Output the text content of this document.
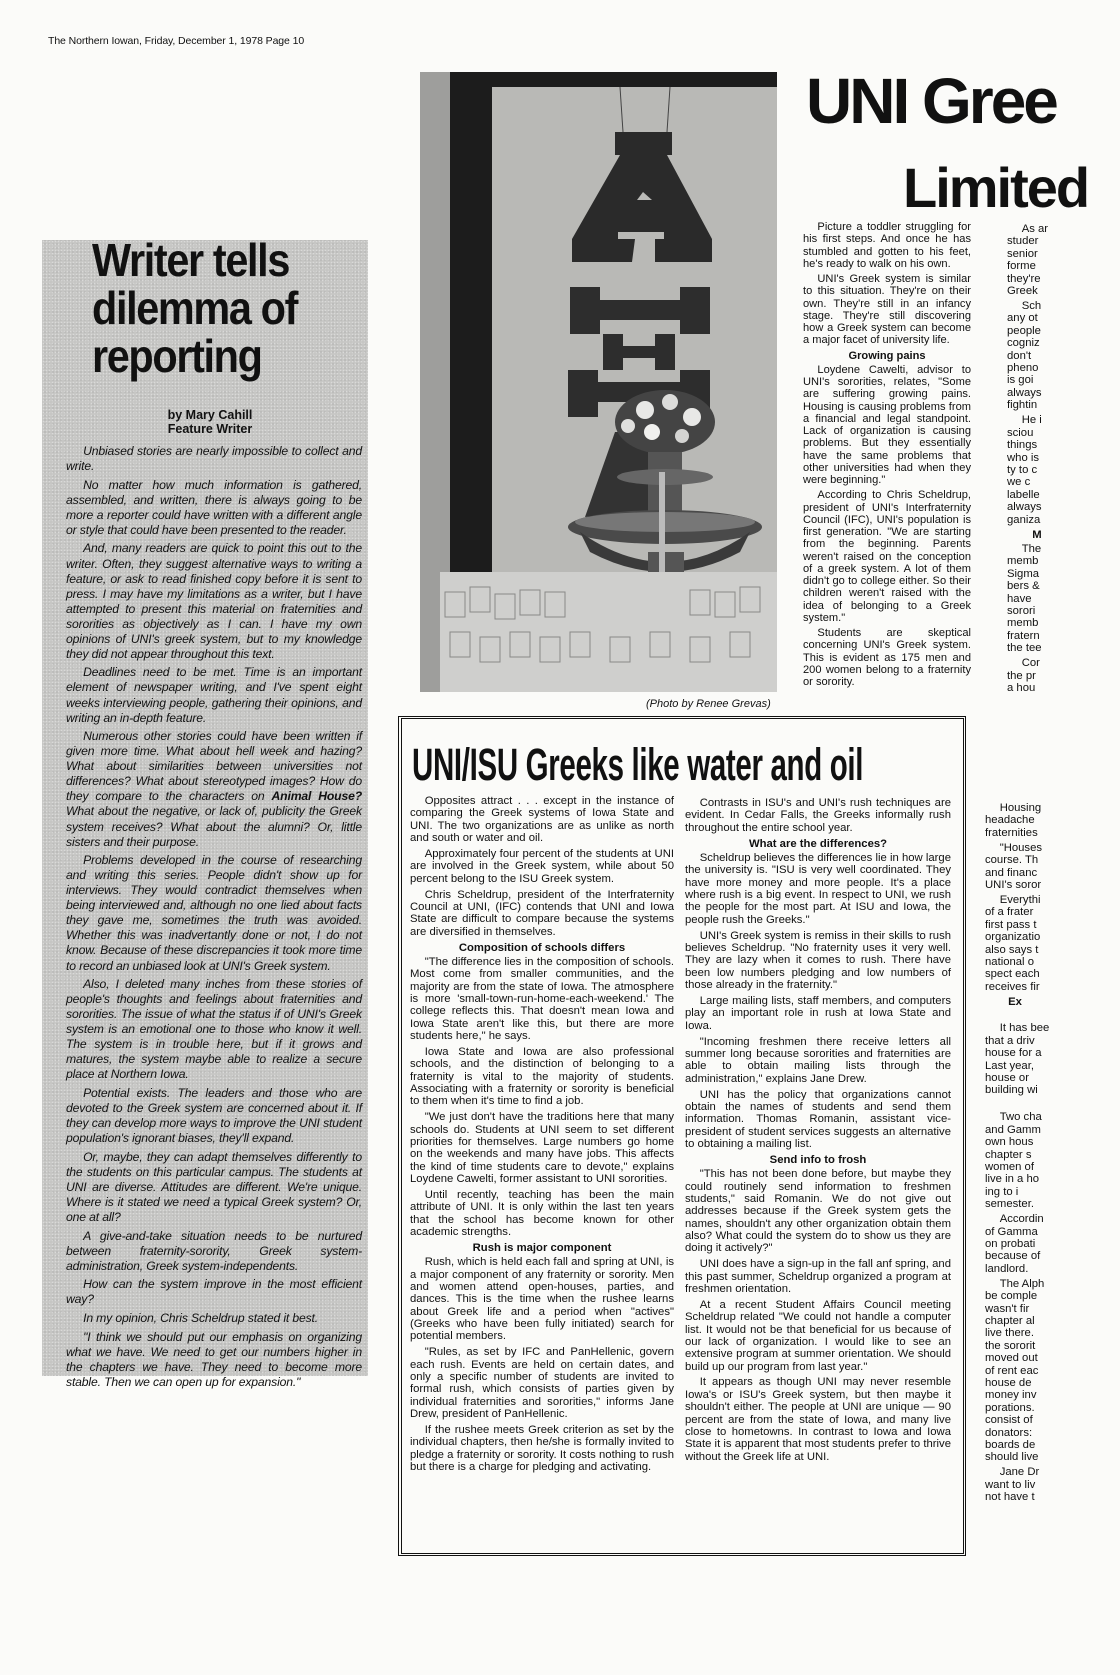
The Northern Iowan, Friday, December 1, 1978 Page 10
Writer tells
dilemma of
reporting
by Mary Cahill
Feature Writer

Unbiased stories are nearly impossible to collect and write.

No matter how much information is gathered, assembled, and written, there is always going to be more a reporter could have written with a different angle or style that could have been presented to the reader.

And, many readers are quick to point this out to the writer. Often, they suggest alternative ways to writing a feature, or ask to read finished copy before it is sent to press. I may have my limitations as a writer, but I have attempted to present this material on fraternities and sororities as objectively as I can. I have my own opinions of UNI's greek system, but to my knowledge they did not appear throughout this text.

Deadlines need to be met. Time is an important element of newspaper writing, and I've spent eight weeks interviewing people, gathering their opinions, and writing an in-depth feature.

Numerous other stories could have been written if given more time. What about hell week and hazing? What about similarities between universities not differences? What about stereotyped images? How do they compare to the characters on Animal House? What about the negative, or lack of, publicity the Greek system receives? What about the alumni? Or, little sisters and their purpose.

Problems developed in the course of researching and writing this series. People didn't show up for interviews. They would contradict themselves when being interviewed and, although no one lied about facts they gave me, sometimes the truth was avoided. Whether this was inadvertantly done or not, I do not know. Because of these discrepancies it took more time to record an unbiased look at UNI's Greek system.

Also, I deleted many inches from these stories of people's thoughts and feelings about fraternities and sororities. The issue of what the status if of UNI's Greek system is an emotional one to those who know it well. The system is in trouble here, but if it grows and matures, the system maybe able to realize a secure place at Northern Iowa.

Potential exists. The leaders and those who are devoted to the Greek system are concerned about it. If they can develop more ways to improve the UNI student population's ignorant biases, they'll expand.

Or, maybe, they can adapt themselves differently to the students on this particular campus. The students at UNI are diverse. Attitudes are different. We're unique. Where is it stated we need a typical Greek system? Or, one at all?

A give-and-take situation needs to be nurtured between fraternity-sorority, Greek system-administration, Greek system-independents.

How can the system improve in the most efficient way?

In my opinion, Chris Scheldrup stated it best.

"I think we should put our emphasis on organizing what we have. We need to get our numbers higher in the chapters we have. They need to become more stable. Then we can open up for expansion."

(Photo by Renee Grevas)
UNI Gree
Limited

Picture a toddler struggling for his first steps. And once he has stumbled and gotten to his feet, he's ready to walk on his own.

UNI's Greek system is similar to this situation. They're on their own. They're still in an infancy stage. They're still discovering how a Greek system can become a major facet of university life.

Growing pains

Loydene Cawelti, advisor to UNI's sororities, relates, "Some are suffering growing pains. Housing is causing problems from a financial and legal standpoint. Lack of organization is causing problems. But they essentially have the same problems that other universities had when they were beginning."

According to Chris Scheldrup, president of UNI's Interfraternity Council (IFC), UNI's population is first generation. "We are starting from the beginning. Parents weren't raised on the conception of a greek system. A lot of them didn't go to college either. So their children weren't raised with the idea of belonging to a Greek system."

Students are skeptical concerning UNI's Greek system. This is evident as 175 men and 200 women belong to a fraternity or sorority.

As ar
studer
senior
forme
they're
Greek
Sch
any ot
people
cogniz
don't
pheno
is goi
always
fightin
He i
sciou
things
who is
ty to c
we c
labelle
always
ganiza
M
The
memb
Sigma
bers &
have
sorori
memb
fratern
the tee
Cor
the pr
a hou
UNI/ISU Greeks like water and oil

Opposites attract . . . except in the instance of comparing the Greek systems of Iowa State and UNI. The two organizations are as unlike as north and south or water and oil.

Approximately four percent of the students at UNI are involved in the Greek system, while about 50 percent belong to the ISU Greek system.

Chris Scheldrup, president of the Interfraternity Council at UNI, (IFC) contends that UNI and Iowa State are difficult to compare because the systems are diversified in themselves.

Composition of schools differs

"The difference lies in the composition of schools. Most come from smaller communities, and the majority are from the state of Iowa. The atmosphere is more 'small-town-run-home-each-weekend.' The college reflects this. That doesn't mean Iowa and Iowa State aren't like this, but there are more students here," he says.

Iowa State and Iowa are also professional schools, and the distinction of belonging to a fraternity is vital to the majority of students. Associating with a fraternity or sorority is beneficial to them when it's time to find a job.

"We just don't have the traditions here that many schools do. Students at UNI seem to set different priorities for themselves. Large numbers go home on the weekends and many have jobs. This affects the kind of time students care to devote," explains Loydene Cawelti, former assistant to UNI sororities.

Until recently, teaching has been the main attribute of UNI. It is only within the last ten years that the school has become known for other academic strengths.

Rush is major component

Rush, which is held each fall and spring at UNI, is a major component of any fraternity or sorority. Men and women attend open-houses, parties, and dances. This is the time when the rushee learns about Greek life and a period when "actives" (Greeks who have been fully initiated) search for potential members.

"Rules, as set by IFC and PanHellenic, govern each rush. Events are held on certain dates, and only a specific number of students are invited to formal rush, which consists of parties given by individual fraternities and sororities," informs Jane Drew, president of PanHellenic.

If the rushee meets Greek criterion as set by the individual chapters, then he/she is formally invited to pledge a fraternity or sorority. It costs nothing to rush but there is a charge for pledging and activating.

Contrasts in ISU's and UNI's rush techniques are evident. In Cedar Falls, the Greeks informally rush throughout the entire school year.

What are the differences?

Scheldrup believes the differences lie in how large the university is. "ISU is very well coordinated. They have more money and more people. It's a place where rush is a big event. In respect to UNI, we rush the people for the most part. At ISU and Iowa, the people rush the Greeks."

UNI's Greek system is remiss in their skills to rush believes Scheldrup. "No fraternity uses it very well. They are lazy when it comes to rush. There have been low numbers pledging and low numbers of those already in the fraternity."

Large mailing lists, staff members, and computers play an important role in rush at Iowa State and Iowa.

"Incoming freshmen there receive letters all summer long because sororities and fraternities are able to obtain mailing lists through the administration," explains Jane Drew.

UNI has the policy that organizations cannot obtain the names of students and send them information. Thomas Romanin, assistant vice-president of student services suggests an alternative to obtaining a mailing list.

Send info to frosh

"This has not been done before, but maybe they could routinely send information to freshmen students," said Romanin. We do not give out addresses because if the Greek system gets the names, shouldn't any other organization obtain them also? What could the system do to show us they are doing it actively?"

UNI does have a sign-up in the fall anf spring, and this past summer, Scheldrup organized a program at freshmen orientation.

At a recent Student Affairs Council meeting Scheldrup related "We could not handle a computer list. It would not be that beneficial for us because of our lack of organization. I would like to see an extensive program at summer orientation. We should build up our program from last year."

It appears as though UNI may never resemble Iowa's or ISU's Greek system, but then maybe it shouldn't either. The people at UNI are unique — 90 percent are from the state of Iowa, and many live close to hometowns. In contrast to Iowa and Iowa State it is apparent that most students prefer to thrive without the Greek life at UNI.

Housing
headache
fraternities
"Houses
course. Th
and financ
UNI's soror
Everythi
of a frater
first pass t
organizatio
also says t
national o
spect each
receives fir
Ex
It has bee
that a driv
house for a
Last year,
house or
building wi
Two cha
and Gamm
own hous
chapter s
women of
live in a ho
ing to i
semester.
Accordin
of Gamma
on probati
because of
landlord.
The Alph
be comple
wasn't fir
chapter al
live there.
the sororit
moved out
of rent eac
house de
money inv
porations.
consist of
donators:
boards de
should live
Jane Dr
want to liv
not have t
